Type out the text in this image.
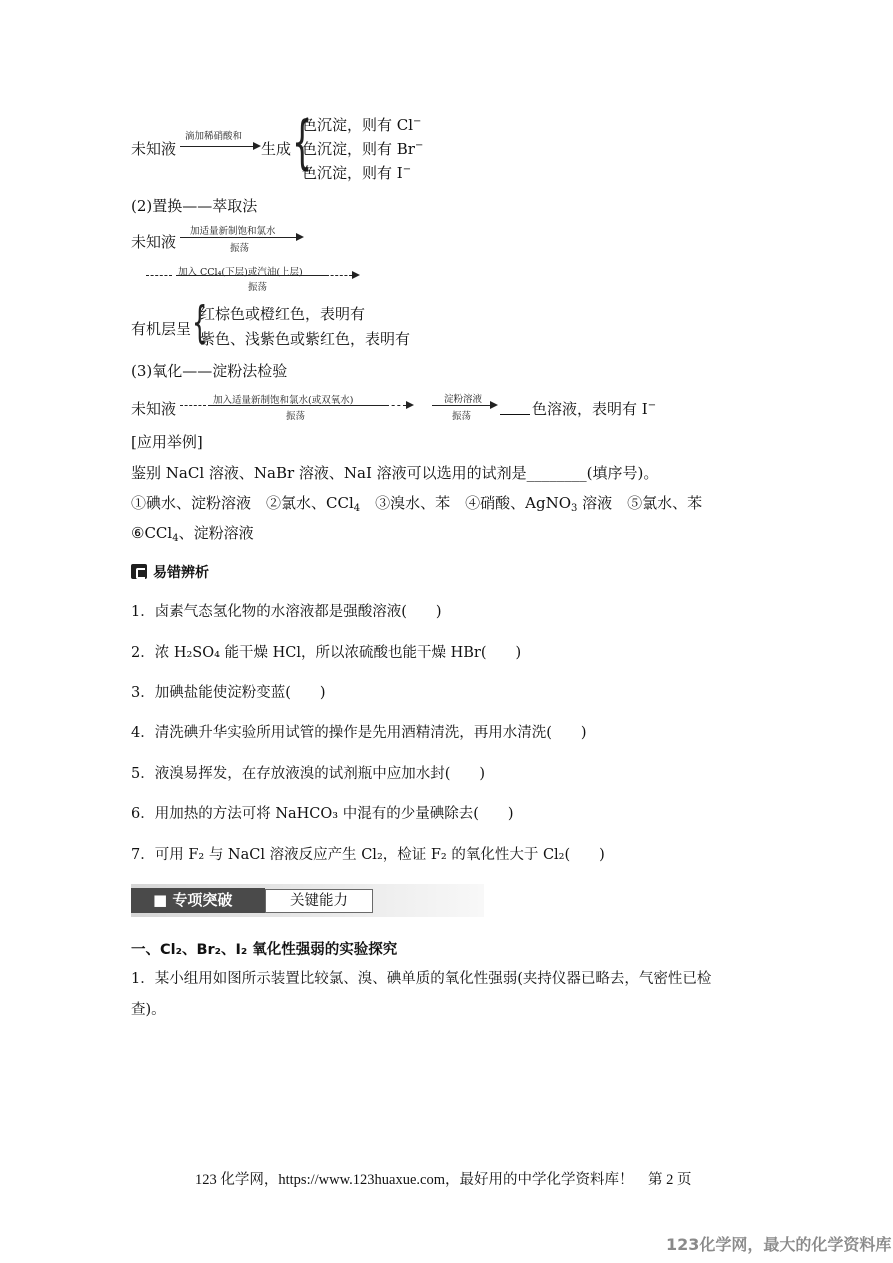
未知液
滴加稀硝酸和
生成 {
色沉淀，则有 Cl−
色沉淀，则有 Br−
色沉淀，则有 I−
(2)置换——萃取法
未知液
加适量新制饱和氯水
振荡
加入 CCl₄(下层)或汽油(上层)
振荡
有机层呈 {
红棕色或橙红色，表明有
紫色、浅紫色或紫红色，表明有
(3)氧化——淀粉法检验
未知液	加入适量新制饱和氯水(或双氧水)
振荡
淀粉溶液
振荡	色溶液，表明有 I−
[应用举例]
鉴别 NaCl 溶液、NaBr 溶液、NaI 溶液可以选用的试剂是________(填序号)。
①碘水、淀粉溶液　②氯水、CCl$_4$　③溴水、苯　④硝酸、AgNO$_3$ 溶液　⑤氯水、苯
⑥CCl$_4$、淀粉溶液
易错辨析
1．卤素气态氢化物的水溶液都是强酸溶液(　　)
2．浓 H₂SO₄ 能干燥 HCl，所以浓硫酸也能干燥 HBr(　　)
3．加碘盐能使淀粉变蓝(　　)
4．清洗碘升华实验所用试管的操作是先用酒精清洗，再用水清洗(　　)
5．液溴易挥发，在存放液溴的试剂瓶中应加水封(　　)
6．用加热的方法可将 NaHCO₃ 中混有的少量碘除去(　　)
7．可用 F₂ 与 NaCl 溶液反应产生 Cl₂，检证 F₂ 的氧化性大于 Cl₂(　　)
■ 专项突破	关键能力
一、Cl₂、Br₂、I₂ 氧化性强弱的实验探究
1．某小组用如图所示装置比较氯、溴、碘单质的氧化性强弱(夹持仪器已略去，气密性已检
查)。
123 化学网，https://www.123huaxue.com，最好用的中学化学资料库！　第 2 页
123化学网，最大的化学资料库
